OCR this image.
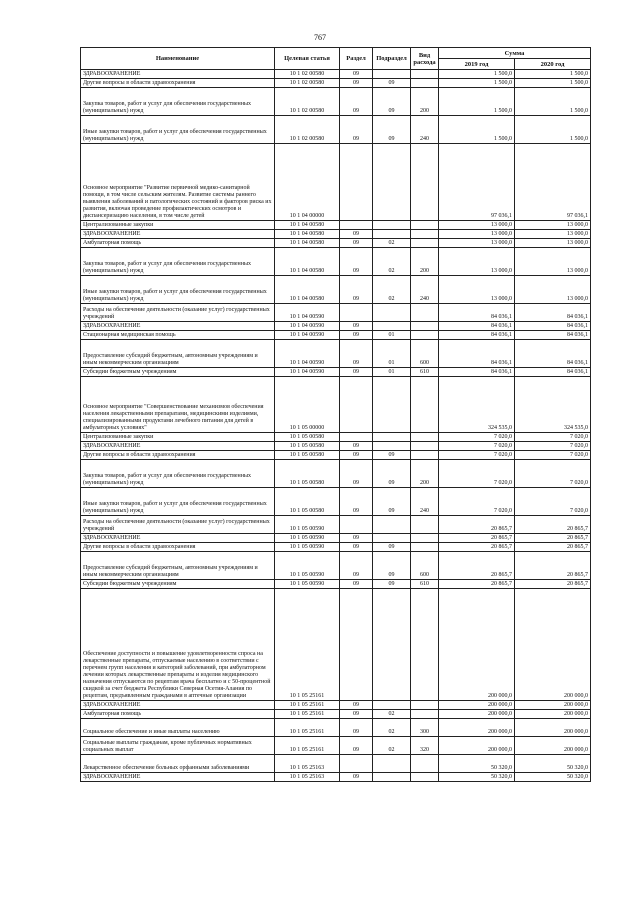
767
Наименование	Целевая статья	Раздел	Подраздел	Вид расхода	Сумма	
					2019 год	2020 год
ЗДРАВООХРАНЕНИЕ	10 1 02 00580	09			1 500,0	1 500,0
Другие вопросы в области здравоохранения	10 1 02 00580	09	09		1 500,0	1 500,0
Закупка товаров, работ и услуг для обеспечения государственных (муниципальных) нужд	10 1 02 00580	09	09	200	1 500,0	1 500,0
Иные закупки товаров, работ и услуг для обеспечения государственных (муниципальных) нужд	10 1 02 00580	09	09	240	1 500,0	1 500,0
Основное мероприятие "Развитие первичной медико-санитарной помощи, в том числе сельским жителям. Развитие системы раннего выявления заболеваний и патологических состояний и факторов риска их развития, включая проведение профилактических осмотров и диспансеризацию населения, в том числе детей	10 1 04 00000				97 036,1	97 036,1
Централизованные закупки	10 1 04 00580				13 000,0	13 000,0
ЗДРАВООХРАНЕНИЕ	10 1 04 00580	09			13 000,0	13 000,0
Амбулаторная помощь	10 1 04 00580	09	02		13 000,0	13 000,0
Закупка товаров, работ и услуг для обеспечения государственных (муниципальных) нужд	10 1 04 00580	09	02	200	13 000,0	13 000,0
Иные закупки товаров, работ и услуг для обеспечения государственных (муниципальных) нужд	10 1 04 00580	09	02	240	13 000,0	13 000,0
Расходы на обеспечение деятельности (оказание услуг) государственных учреждений	10 1 04 00590				84 036,1	84 036,1
ЗДРАВООХРАНЕНИЕ	10 1 04 00590	09			84 036,1	84 036,1
Стационарная медицинская помощь	10 1 04 00590	09	01		84 036,1	84 036,1
Предоставление субсидий бюджетным, автономным учреждениям и иным некоммерческим организациям	10 1 04 00590	09	01	600	84 036,1	84 036,1
Субсидии бюджетным учреждениям	10 1 04 00590	09	01	610	84 036,1	84 036,1
Основное мероприятие "Совершенствование механизмов обеспечения населения лекарственными препаратами, медицинскими изделиями, специализированными продуктами лечебного питания для детей в амбулаторных условиях"	10 1 05 00000				324 535,0	324 535,0
Централизованные закупки	10 1 05 00580				7 020,0	7 020,0
ЗДРАВООХРАНЕНИЕ	10 1 05 00580	09			7 020,0	7 020,0
Другие вопросы в области здравоохранения	10 1 05 00580	09	09		7 020,0	7 020,0
Закупка товаров, работ и услуг для обеспечения государственных (муниципальных) нужд	10 1 05 00580	09	09	200	7 020,0	7 020,0
Иные закупки товаров, работ и услуг для обеспечения государственных (муниципальных) нужд	10 1 05 00580	09	09	240	7 020,0	7 020,0
Расходы на обеспечение деятельности (оказание услуг) государственных учреждений	10 1 05 00590				20 865,7	20 865,7
ЗДРАВООХРАНЕНИЕ	10 1 05 00590	09			20 865,7	20 865,7
Другие вопросы в области здравоохранения	10 1 05 00590	09	09		20 865,7	20 865,7
Предоставление субсидий бюджетным, автономным учреждениям и иным некоммерческим организациям	10 1 05 00590	09	09	600	20 865,7	20 865,7
Субсидии бюджетным учреждениям	10 1 05 00590	09	09	610	20 865,7	20 865,7
Обеспечение доступности и повышение удовлетворенности спроса на лекарственные препараты, отпускаемые населению в соответствии с перечнем групп населения и категорий заболеваний, при амбулаторном лечении которых лекарственные препараты и изделия медицинского назначения отпускаются по рецептам врача бесплатно и с 50-процентной скидкой за счет бюджета Республики Северная Осетия-Алания по рецептам, предъявленным гражданами в аптечные организации	10 1 05 25161				200 000,0	200 000,0
ЗДРАВООХРАНЕНИЕ	10 1 05 25161	09			200 000,0	200 000,0
Амбулаторная помощь	10 1 05 25161	09	02		200 000,0	200 000,0
Социальное обеспечение и иные выплаты населению	10 1 05 25161	09	02	300	200 000,0	200 000,0
Социальные выплаты гражданам, кроме публичных нормативных социальных выплат	10 1 05 25161	09	02	320	200 000,0	200 000,0
Лекарственное обеспечение больных орфанными заболеваниями	10 1 05 25163				50 320,0	50 320,0
ЗДРАВООХРАНЕНИЕ	10 1 05 25163	09			50 320,0	50 320,0
